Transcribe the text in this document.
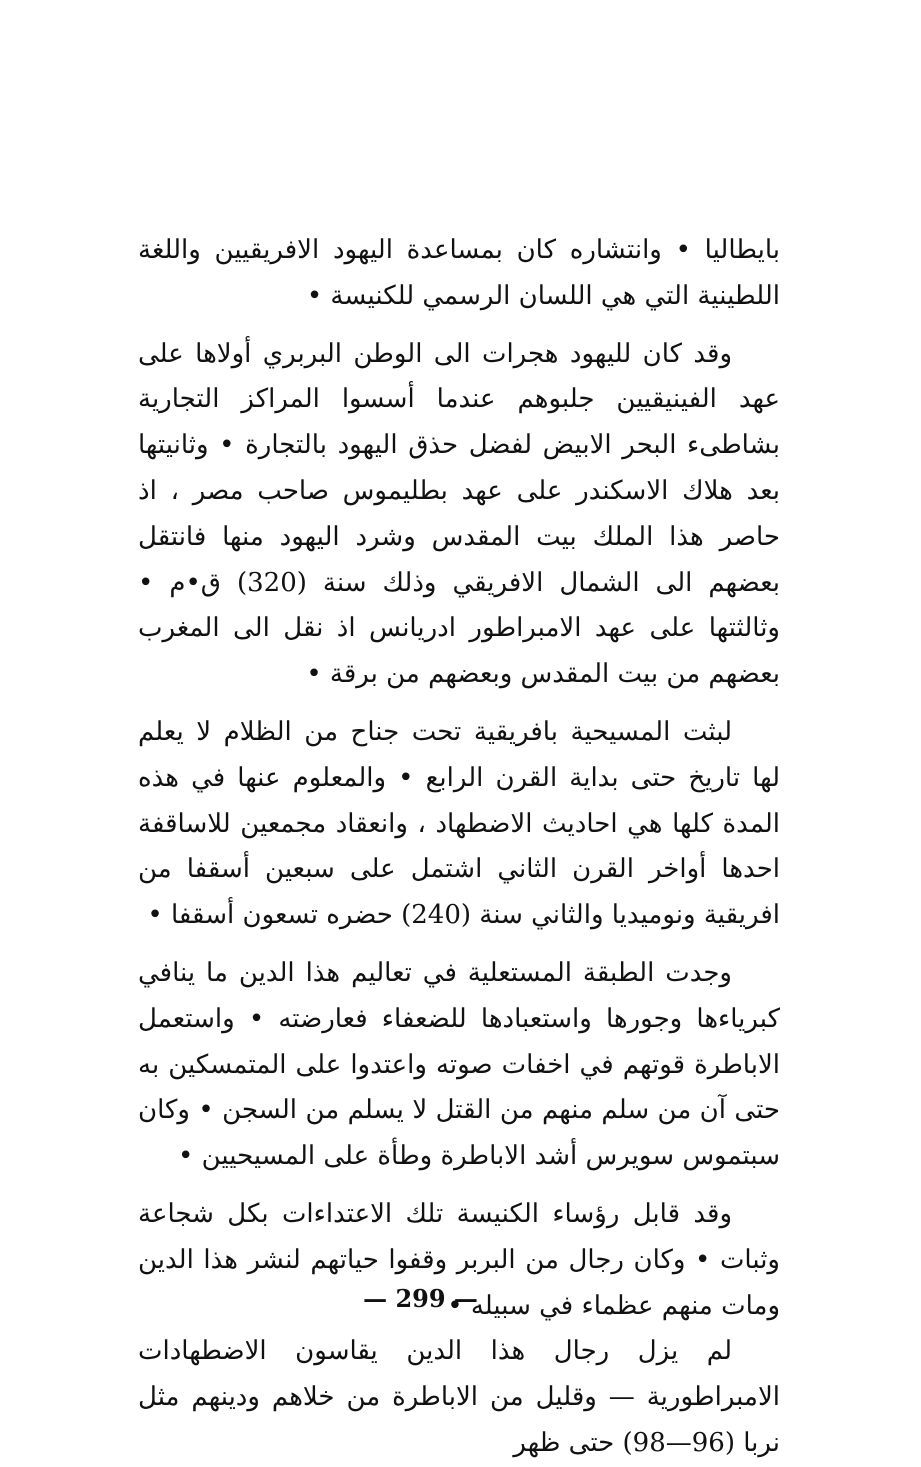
بايطاليا • وانتشاره كان بمساعدة اليهود الافريقيين واللغة اللطينية التي هي اللسان الرسمي للكنيسة •

وقد كان لليهود هجرات الى الوطن البربري أولاها على عهد الفينيقيين جلبوهم عندما أسسوا المراكز التجارية بشاطىء البحر الابيض لفضل حذق اليهود بالتجارة • وثانيتها بعد هلاك الاسكندر على عهد بطليموس صاحب مصر ، اذ حاصر هذا الملك بيت المقدس وشرد اليهود منها فانتقل بعضهم الى الشمال الافريقي وذلك سنة (320) ق•م • وثالثتها على عهد الامبراطور ادريانس اذ نقل الى المغرب بعضهم من بيت المقدس وبعضهم من برقة •

لبثت المسيحية بافريقية تحت جناح من الظلام لا يعلم لها تاريخ حتى بداية القرن الرابع • والمعلوم عنها في هذه المدة كلها هي احاديث الاضطهاد ، وانعقاد مجمعين للاساقفة احدها أواخر القرن الثاني اشتمل على سبعين أسقفا من افريقية ونوميديا والثاني سنة (240) حضره تسعون أسقفا •

وجدت الطبقة المستعلية في تعاليم هذا الدين ما ينافي كبرياءها وجورها واستعبادها للضعفاء فعارضته • واستعمل الاباطرة قوتهم في اخفات صوته واعتدوا على المتمسكين به حتى آن من سلم منهم من القتل لا يسلم من السجن • وكان سبتموس سويرس أشد الاباطرة وطأة على المسيحيين •

وقد قابل رؤساء الكنيسة تلك الاعتداءات بكل شجاعة وثبات • وكان رجال من البربر وقفوا حياتهم لنشر هذا الدين ومات منهم عظماء في سبيله •

لم يزل رجال هذا الدين يقاسون الاضطهادات الامبراطورية — وقليل من الاباطرة من خلاهم ودينهم مثل نربا (96—98) حتى ظهر

— 299 —
